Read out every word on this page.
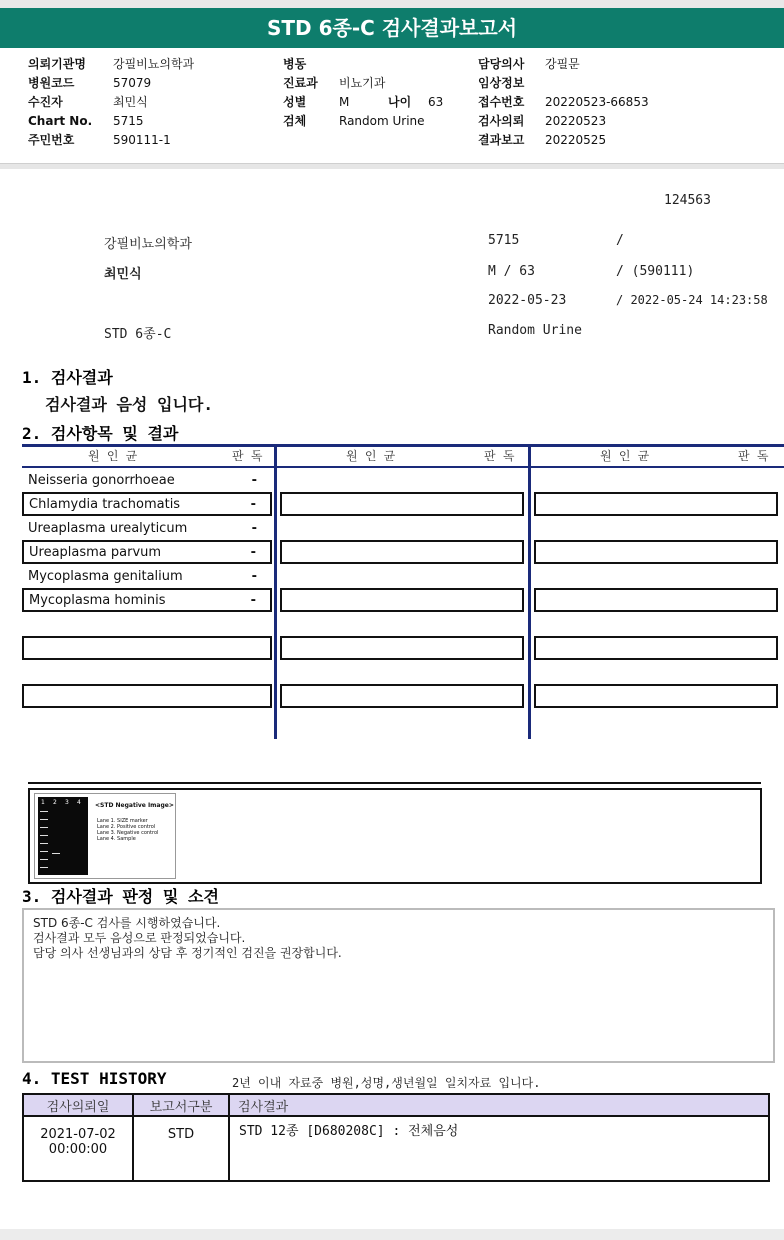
STD 6종-C 검사결과보고서
의뢰기관명 강필비뇨의학과
병원코드	57079
수진자	최민식
Chart No. 5715
주민번호	590111-1
병동
진료과 비뇨기과
성별	M	나이 63
검체	Random Urine
담당의사 강필문
임상정보
접수번호 20220523-66853
검사의뢰 20220523
결과보고 20220525
124563
강필비뇨의학과	5715	/
최민식	M / 63	/ (590111)
2022-05-23	/ 2022-05-24 14:23:58
STD 6종-C	Random Urine
1. 검사결과
검사결과 음성 입니다.
2. 검사항목 및 결과
원 인 균	판 독	원 인 균	판 독	원 인 균	판 독
Neisseria gonorrhoeae	-
Chlamydia trachomatis	-
Ureaplasma urealyticum	-
Ureaplasma parvum	-
Mycoplasma genitalium	-
Mycoplasma hominis	-
1 2 3 4 <STD Negative Image>
Lane 1. SIZE marker
Lane 2. Positive control
Lane 3. Negative control
Lane 4. Sample
3. 검사결과 판정 및 소견
STD 6종-C 검사를 시행하였습니다.
검사결과 모두 음성으로 판정되었습니다.
담당 의사 선생님과의 상담 후 정기적인 검진을 권장합니다.
4. TEST HISTORY	2년 이내 자료중 병원,성명,생년월일 일치자료 입니다.
검사의뢰일	보고서구분	검사결과

2021-07-02
00:00:00	STD	STD 12종 [D680208C] : 전체음성
